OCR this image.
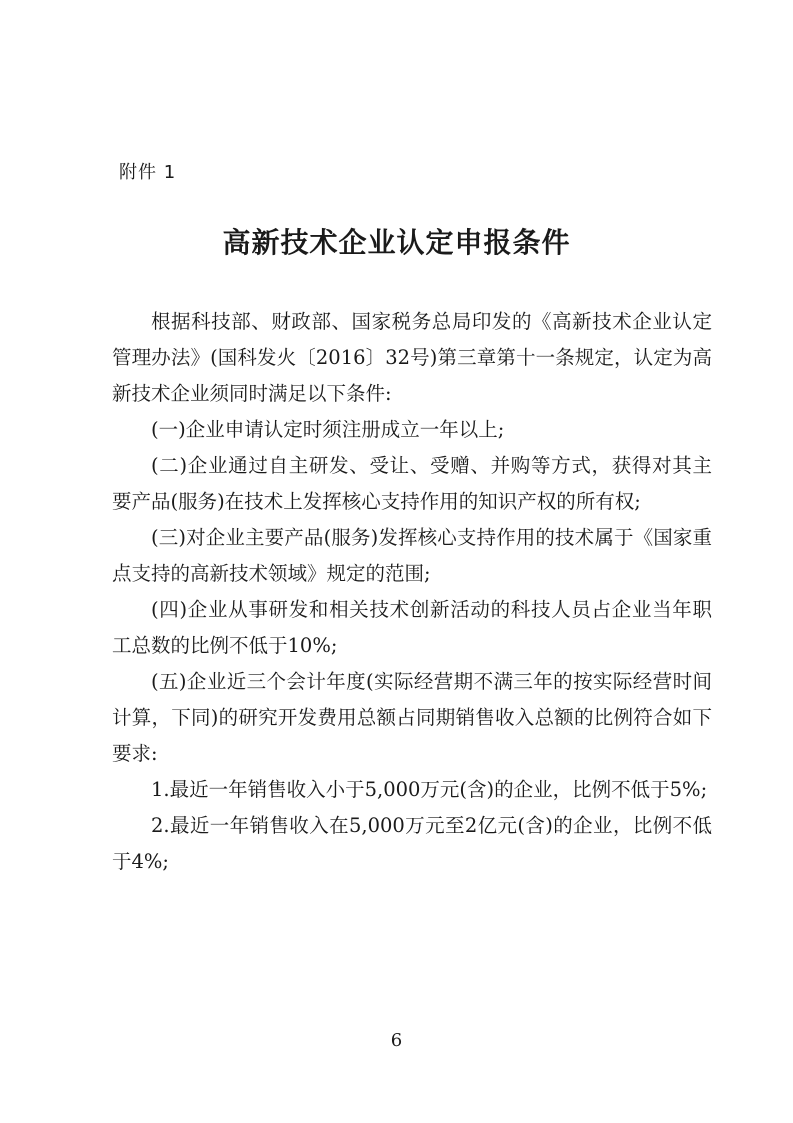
附件 1
高新技术企业认定申报条件

根据科技部、财政部、国家税务总局印发的《高新技术企业认定管理办法》(国科发火〔2016〕32号)第三章第十一条规定，认定为高新技术企业须同时满足以下条件:

(一)企业申请认定时须注册成立一年以上;

(二)企业通过自主研发、受让、受赠、并购等方式，获得对其主要产品(服务)在技术上发挥核心支持作用的知识产权的所有权;

(三)对企业主要产品(服务)发挥核心支持作用的技术属于《国家重点支持的高新技术领域》规定的范围;

(四)企业从事研发和相关技术创新活动的科技人员占企业当年职工总数的比例不低于10%;

(五)企业近三个会计年度(实际经营期不满三年的按实际经营时间计算，下同)的研究开发费用总额占同期销售收入总额的比例符合如下要求:

1.最近一年销售收入小于5,000万元(含)的企业，比例不低于5%;

2.最近一年销售收入在5,000万元至2亿元(含)的企业，比例不低于4%;

6
